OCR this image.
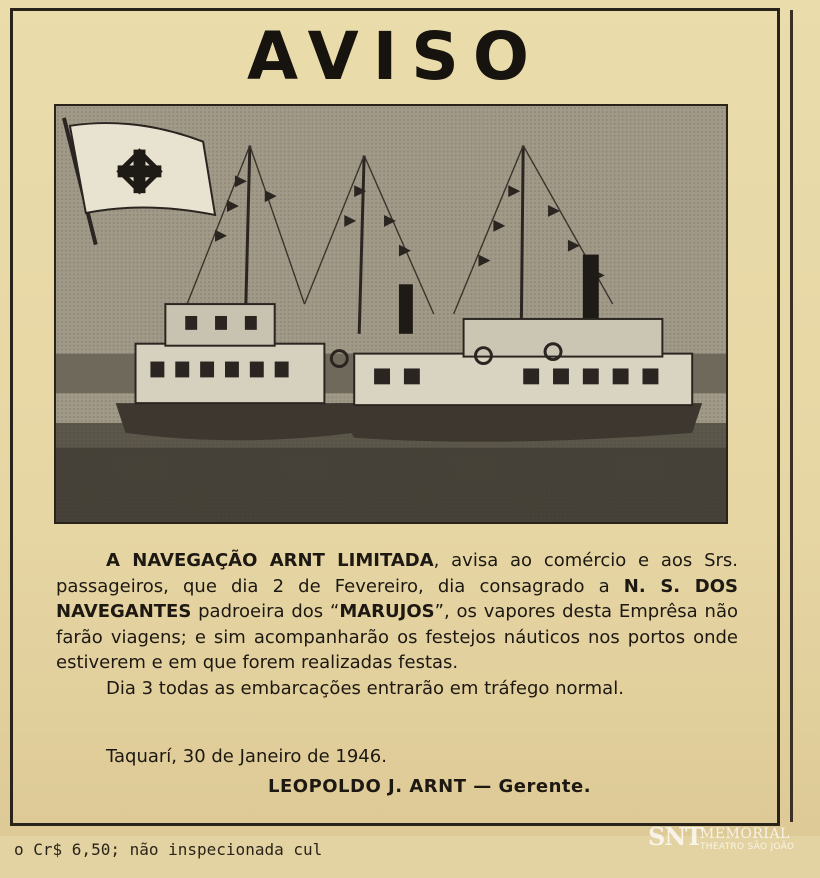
AVISO

A NAVEGAÇÃO ARNT LIMITADA, avisa ao comércio e aos Srs. passageiros, que dia 2 de Fevereiro, dia consagrado a N. S. DOS NAVEGANTES padroeira dos “MARUJOS”, os vapores desta Emprêsa não farão viagens; e sim acompanharão os festejos náuticos nos portos onde estiverem e em que forem realizadas festas.

Dia 3 todas as embarcações entrarão em tráfego normal.

Taquarí, 30 de Janeiro de 1946.
LEOPOLDO J. ARNT — Gerente.
o Cr$ 6,50; não inspecionada cul	SNT
MEMORIAL
THEATRO SÃO JOÃO
